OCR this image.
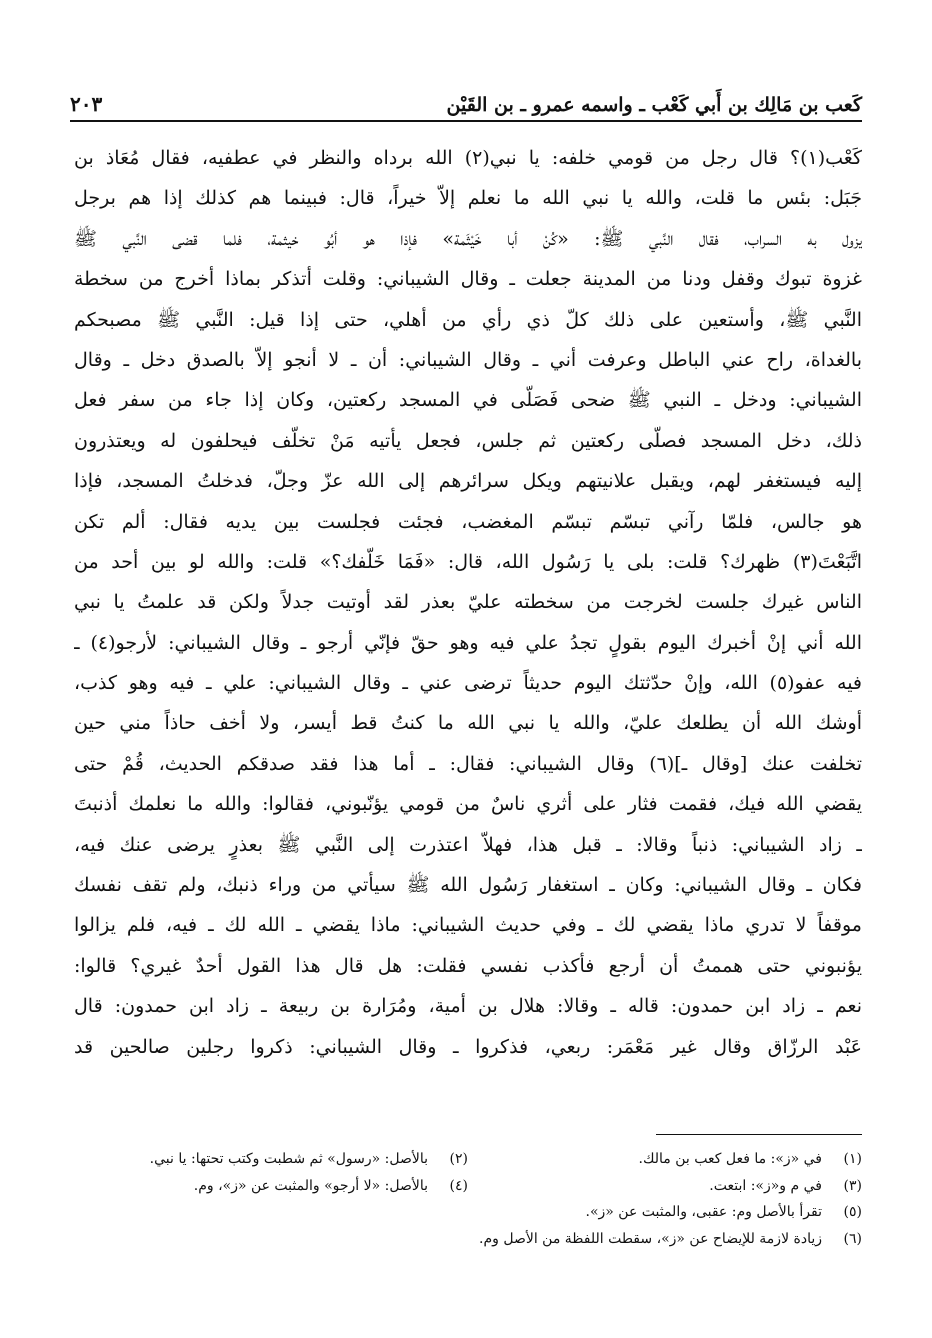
كَعب بن مَالِك بن أَبي كَعْب ـ واسمه عمرو ـ بن القَيْن
٢٠٣
كَعْب(١)؟ قال رجل من قومي خلفه: يا نبي(٢) الله برداه والنظر في عطفيه، فقال مُعَاذ بن
جَبَل: بئس ما قلت، والله يا نبي الله ما نعلم إلاّ خيراً، قال: فبينما هم كذلك إذا هم برجل
يزول به السراب، فقال النَّبي ﷺ: «كُنْ أبا خَيْثَمة» فإذا هو أبُو خيثمة، فلما قضى النَّبي ﷺ
غزوة تبوك وقفل ودنا من المدينة جعلت ـ وقال الشيباني: وقلت أتذكر بماذا أخرج من سخطة
النَّبي ﷺ، وأستعين على ذلك كلّ ذي رأي من أهلي، حتى إذا قيل: النَّبي ﷺ مصبحكم
بالغداة، راح عني الباطل وعرفت أني ـ وقال الشيباني: أن ـ لا أنجو إلاّ بالصدق دخل ـ وقال
الشيباني: ودخل ـ النبي ﷺ ضحى فَصَلّى في المسجد ركعتين، وكان إذا جاء من سفر فعل
ذلك، دخل المسجد فصلّى ركعتين ثم جلس، فجعل يأتيه مَنْ تخلّف فيحلفون له ويعتذرون
إليه فيستغفر لهم، ويقبل علانيتهم ويكل سرائرهم إلى الله عزّ وجلّ، فدخلتُ المسجد، فإذا
هو جالس، فلمّا رآني تبسّم تبسّم المغضب، فجئت فجلست بين يديه فقال: ألم تكن
اتَّبَعْتَ(٣) ظهرك؟ قلت: بلى يا رَسُول الله، قال: «فَمَا خَلّفك؟» قلت: والله لو بين أحد من
الناس غيرك جلست لخرجت من سخطته عليّ بعذر لقد أوتيت جدلاً ولكن قد علمتُ يا نبي
الله أني إنْ أخبرك اليوم بقولٍ تجدُ علي فيه وهو حقّ فإنّي أرجو ـ وقال الشيباني: لأرجو(٤) ـ
فيه عفو(٥) الله، وإنْ حدّثتك اليوم حديثاً ترضى عني ـ وقال الشيباني: علي ـ فيه وهو كذب،
أوشك الله أن يطلعك عليّ، والله يا نبي الله ما كنتُ قط أيسر، ولا أخف حاذاً مني حين
تخلفت عنك [وقال ـ](٦) وقال الشيباني: فقال: ـ أما هذا فقد صدقكم الحديث، قُمْ حتى
يقضي الله فيك، فقمت فثار على أثري ناسٌ من قومي يؤنّبوني، فقالوا: والله ما نعلمك أذنبتَ
ـ زاد الشيباني: ذنباً وقالا: ـ قبل هذا، فهلاّ اعتذرت إلى النَّبي ﷺ بعذرٍ يرضى عنك فيه،
فكان ـ وقال الشيباني: وكان ـ استغفار رَسُول الله ﷺ سيأتي من وراء ذنبك، ولم تقف نفسك
موقفاً لا تدري ماذا يقضي لك ـ وفي حديث الشيباني: ماذا يقضي ـ الله لك ـ فيه، فلم يزالوا
يؤنبوني حتى هممتُ أن أرجع فأكذب نفسي فقلت: هل قال هذا القول أحدٌ غيري؟ قالوا:
نعم ـ زاد ابن حمدون: قاله ـ وقالا: هلال بن أمية، ومُرَارة بن ربيعة ـ زاد ابن حمدون: قال
عَبْد الرزّاق وقال غير مَعْمَر: ربعي، فذكروا ـ وقال الشيباني: ذكروا رجلين صالحين قد
(١)
في «ز»: ما فعل كعب بن مالك.
(٢)
بالأصل: «رسول» ثم شطبت وكتب تحتها: يا نبي.
(٣)
في م و«ز»: ابتعت.
(٤)
بالأصل: «لا أرجو» والمثبت عن «ز»، وم.
(٥)
تقرأ بالأصل وم: عقبى، والمثبت عن «ز».
(٦)
زيادة لازمة للإيضاح عن «ز»، سقطت اللفظة من الأصل وم.
